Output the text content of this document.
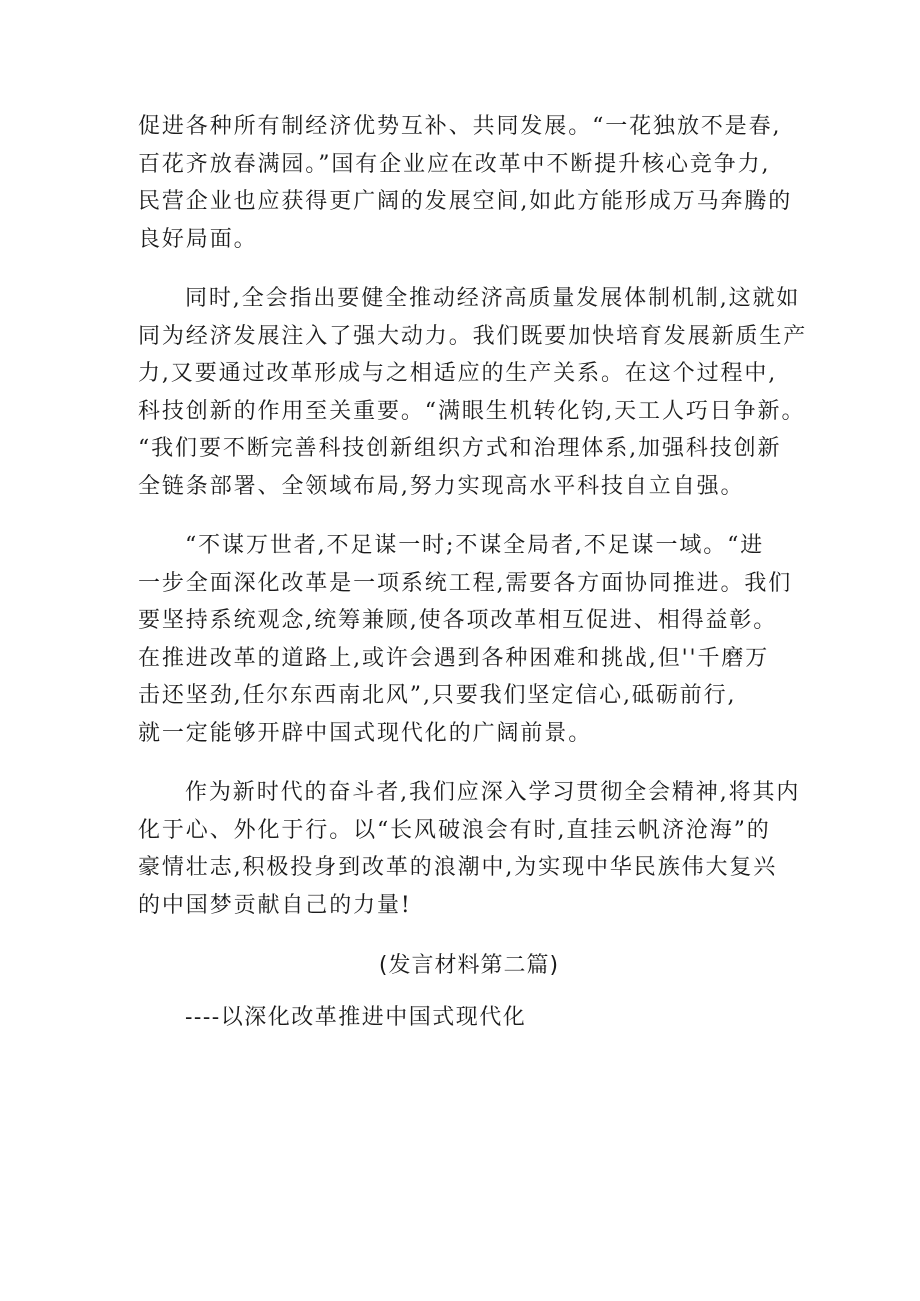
促进各种所有制经济优势互补、共同发展。“一花独放不是春,
百花齐放春满园。”国有企业应在改革中不断提升核心竞争力,
民营企业也应获得更广阔的发展空间,如此方能形成万马奔腾的
良好局面。
同时,全会指出要健全推动经济高质量发展体制机制,这就如
同为经济发展注入了强大动力。我们既要加快培育发展新质生产
力,又要通过改革形成与之相适应的生产关系。在这个过程中,
科技创新的作用至关重要。“满眼生机转化钧,天工人巧日争新。
“我们要不断完善科技创新组织方式和治理体系,加强科技创新
全链条部署、全领域布局,努力实现高水平科技自立自强。
“不谋万世者,不足谋一时;不谋全局者,不足谋一域。“进
一步全面深化改革是一项系统工程,需要各方面协同推进。我们
要坚持系统观念,统筹兼顾,使各项改革相互促进、相得益彰。
在推进改革的道路上,或许会遇到各种困难和挑战,但''千磨万
击还坚劲,任尔东西南北风”,只要我们坚定信心,砥砺前行,
就一定能够开辟中国式现代化的广阔前景。
作为新时代的奋斗者,我们应深入学习贯彻全会精神,将其内
化于心、外化于行。以“长风破浪会有时,直挂云帆济沧海”的
豪情壮志,积极投身到改革的浪潮中,为实现中华民族伟大复兴
的中国梦贡献自己的力量!
(发言材料第二篇)
----以深化改革推进中国式现代化
